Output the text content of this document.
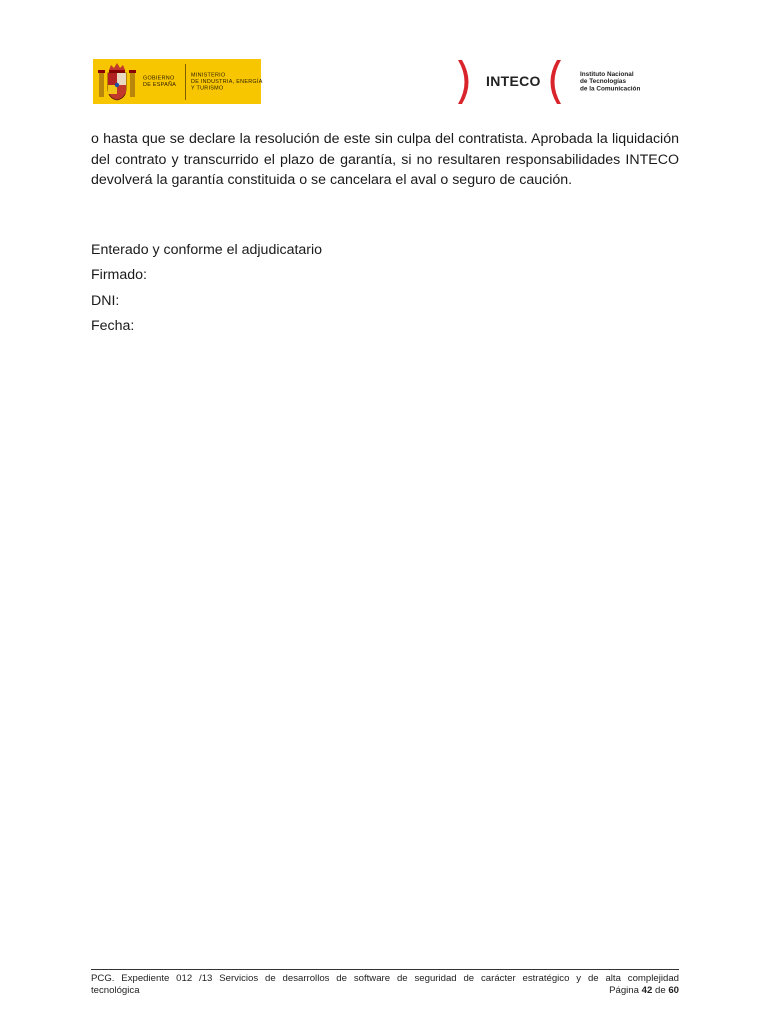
GOBIERNO
DE ESPAÑA
MINISTERIO
DE INDUSTRIA, ENERGÍA
Y TURISMO	INTECO	Instituto Nacional
de Tecnologías
de la Comunicación

o hasta que se declare la resolución de este sin culpa del contratista. Aprobada la liquidación del contrato y transcurrido el plazo de garantía, si no resultaren responsabilidades INTECO devolverá la garantía constituida o se cancelara el aval o seguro de caución.

Enterado y conforme el adjudicatario

Firmado:

DNI:

Fecha:

PCG. Expediente 012 /13 Servicios de desarrollos de software de seguridad de carácter estratégico y de alta complejidad
tecnológica	Página 42 de 60
